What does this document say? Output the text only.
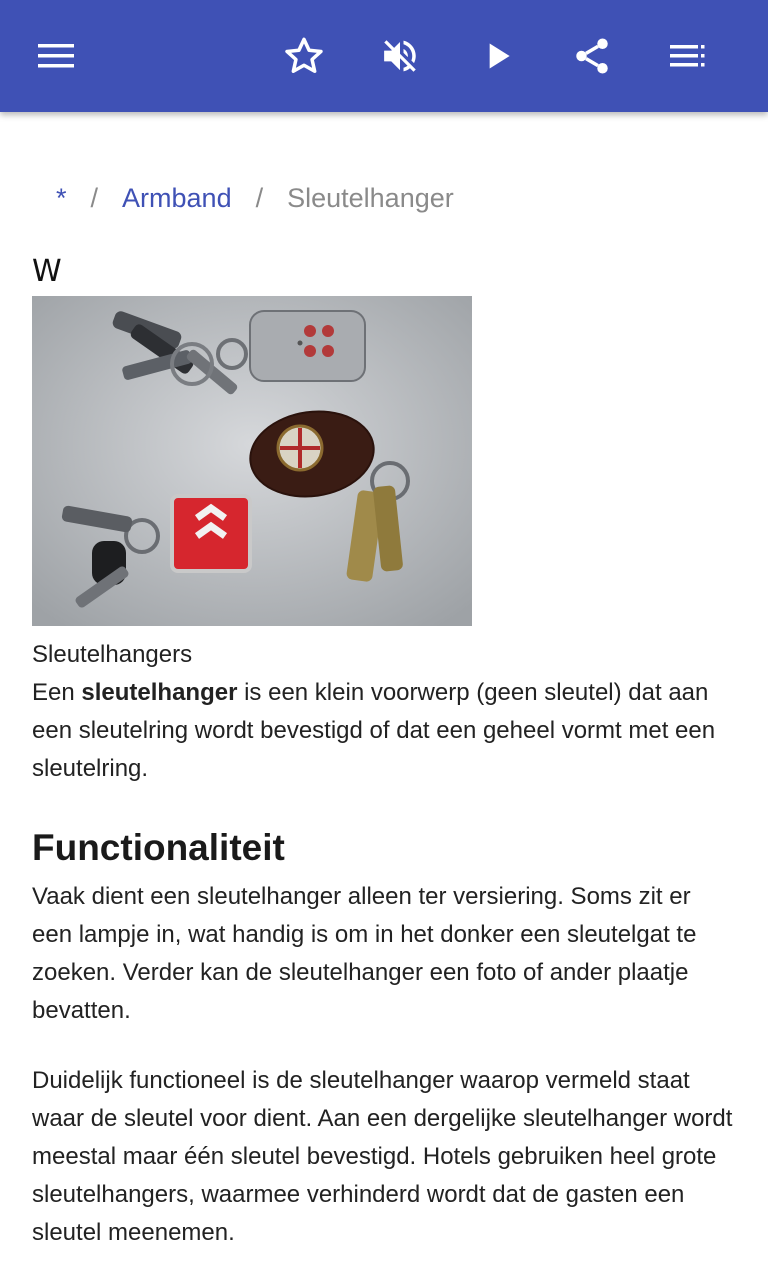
* / Armband / Sleutelhanger
W
Sleutelhangers

Een sleutelhanger is een klein voorwerp (geen sleutel) dat aan een sleutelring wordt bevestigd of dat een geheel vormt met een sleutelring.

Functionaliteit

Vaak dient een sleutelhanger alleen ter versiering. Soms zit er een lampje in, wat handig is om in het donker een sleutelgat te zoeken. Verder kan de sleutelhanger een foto of ander plaatje bevatten.

Duidelijk functioneel is de sleutelhanger waarop vermeld staat waar de sleutel voor dient. Aan een dergelijke sleutelhanger wordt meestal maar één sleutel bevestigd. Hotels gebruiken heel grote sleutelhangers, waarmee verhinderd wordt dat de gasten een sleutel meenemen.
